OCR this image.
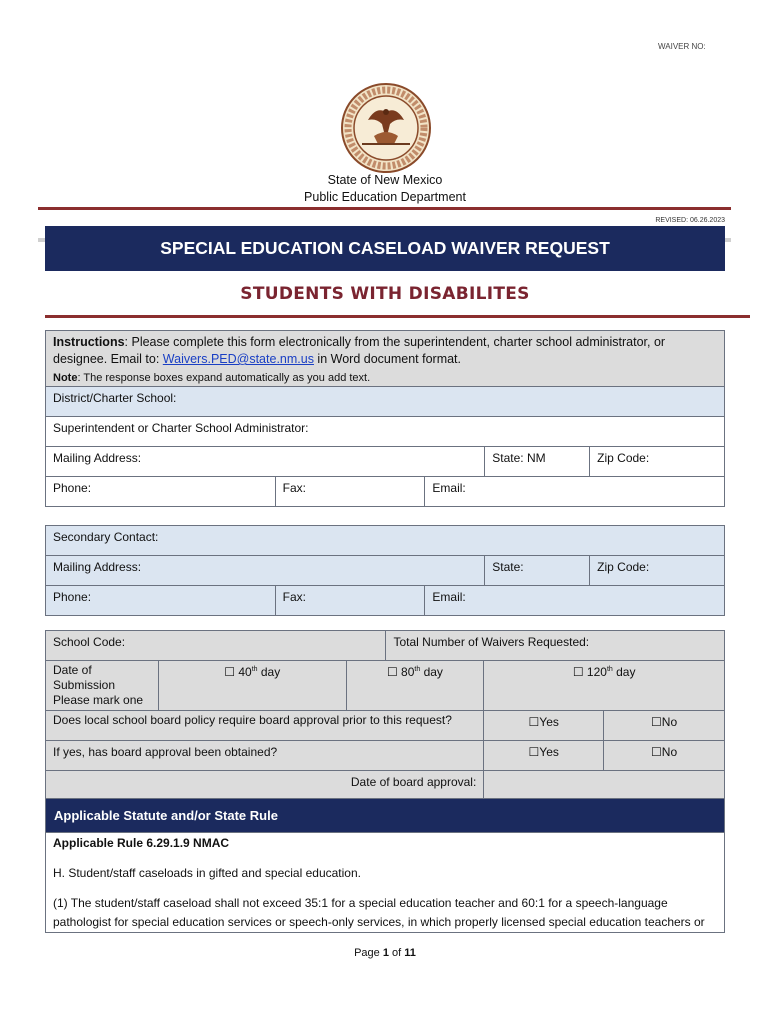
WAIVER NO:
State of New Mexico
Public Education Department
REVISED: 06.26.2023
SPECIAL EDUCATION CASELOAD WAIVER REQUEST
STUDENTS WITH DISABILITES
Instructions: Please complete this form electronically from the superintendent, charter school administrator, or designee. Email to: Waivers.PED@state.nm.us in Word document format.
Note: The response boxes expand automatically as you add text.				

District/Charter School:				
Superintendent or Charter School Administrator:				
Mailing Address:			State: NM	Zip Code:
Phone:	Fax:	Email:		
Secondary Contact:				
Mailing Address:			State:	Zip Code:
Phone:	Fax:	Email:		
School Code:			Total Number of Waivers Requested:		

Date of Submission
Please mark one	☐ 40th day	☐ 80th day		☐ 120th day	
Does local school board policy require board approval prior to this request?				☐Yes	☐No
If yes, has board approval been obtained?				☐Yes	☐No
Date of board approval:					
Applicable Statute and/or State Rule

Applicable Rule 6.29.1.9 NMAC
H. Student/staff caseloads in gifted and special education.
(1) The student/staff caseload shall not exceed 35:1 for a special education teacher and 60:1 for a speech-language pathologist for special education services or speech-only services, in which properly licensed special education teachers or
Page 1 of 11
